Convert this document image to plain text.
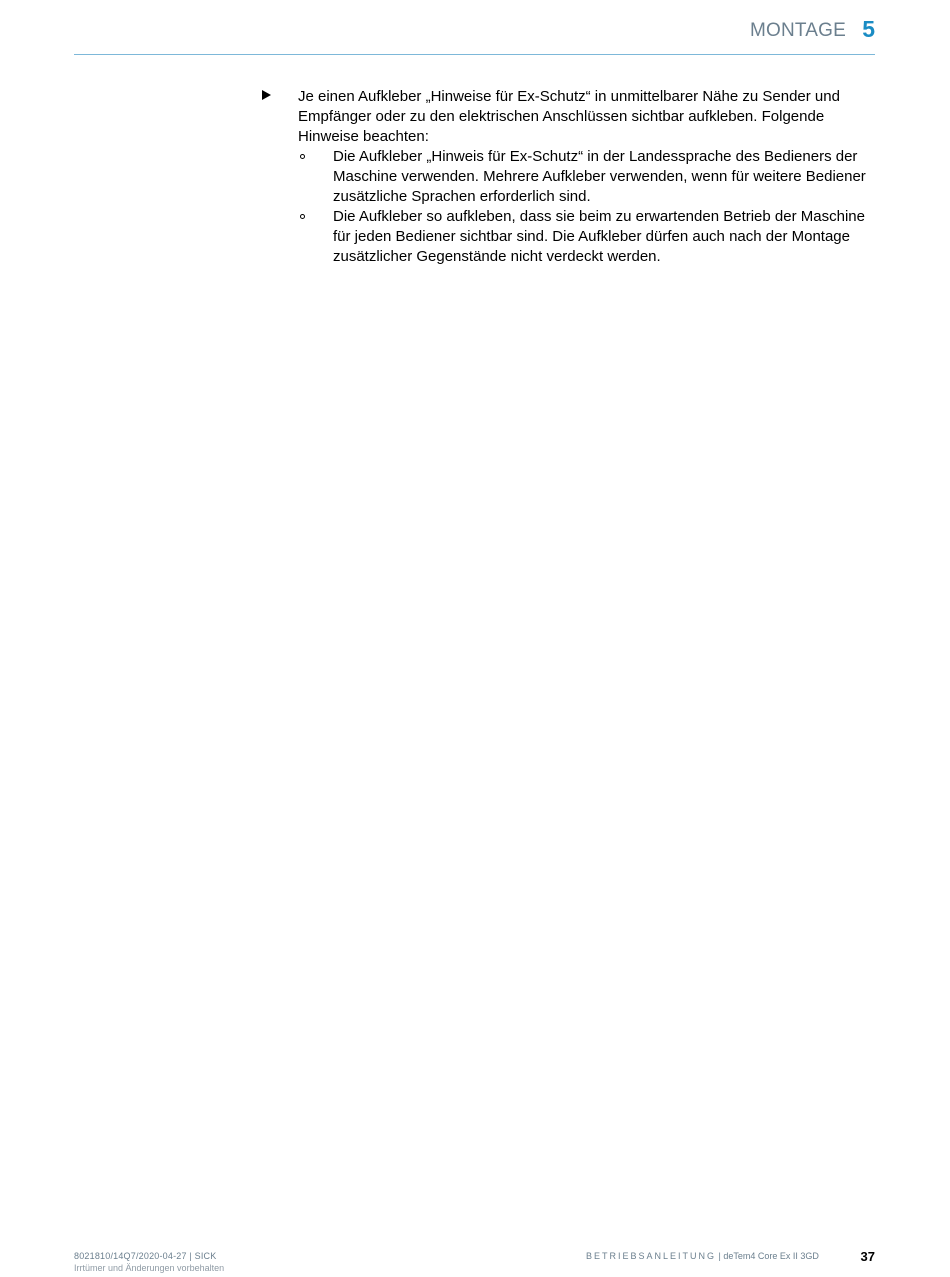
MONTAGE 5
Je einen Aufkleber „Hinweise für Ex-Schutz“ in unmittelbarer Nähe zu Sender und Empfänger oder zu den elektrischen Anschlüssen sichtbar aufkleben. Folgende Hinweise beachten:
Die Aufkleber „Hinweis für Ex-Schutz“ in der Landessprache des Bedieners der Maschine verwenden. Mehrere Aufkleber verwenden, wenn für weitere Bediener zusätzliche Sprachen erforderlich sind.
Die Aufkleber so aufkleben, dass sie beim zu erwartenden Betrieb der Maschine für jeden Bediener sichtbar sind. Die Aufkleber dürfen auch nach der Montage zusätzlicher Gegenstände nicht verdeckt werden.
8021810/14Q7/2020-04-27 | SICK
Irrtümer und Änderungen vorbehalten
BETRIEBSANLEITUNG | deTem4 Core Ex II 3GD	37
